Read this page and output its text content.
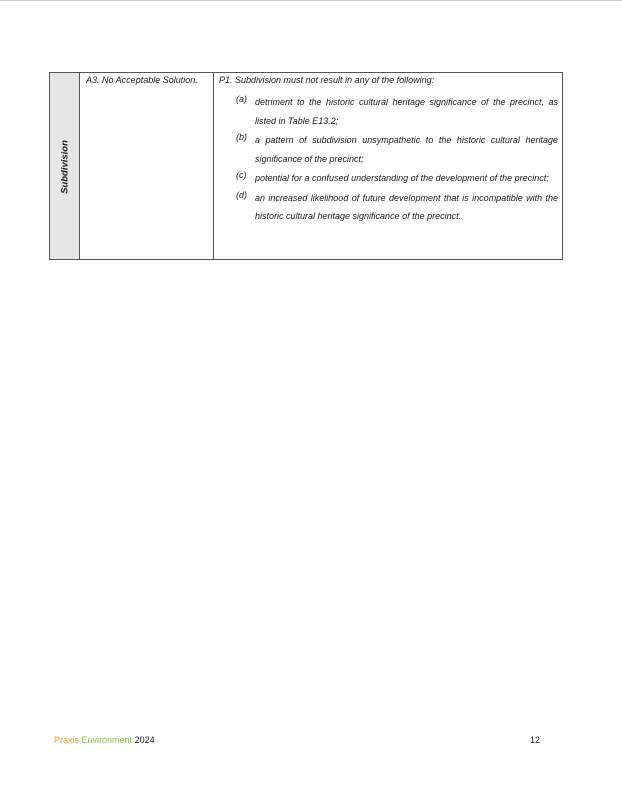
Subdivision
A3. No Acceptable Solution. P1. Subdivision must not result in any of the following:
(a) detriment to the historic cultural heritage significance of the precinct, as listed in Table E13.2;
(b) a pattern of subdivision unsympathetic to the historic cultural heritage significance of the precinct;
(c) potential for a confused understanding of the development of the precinct;
(d) an increased likelihood of future development that is incompatible with the historic cultural heritage significance of the precinct.
Praxis Environment 2024	12
